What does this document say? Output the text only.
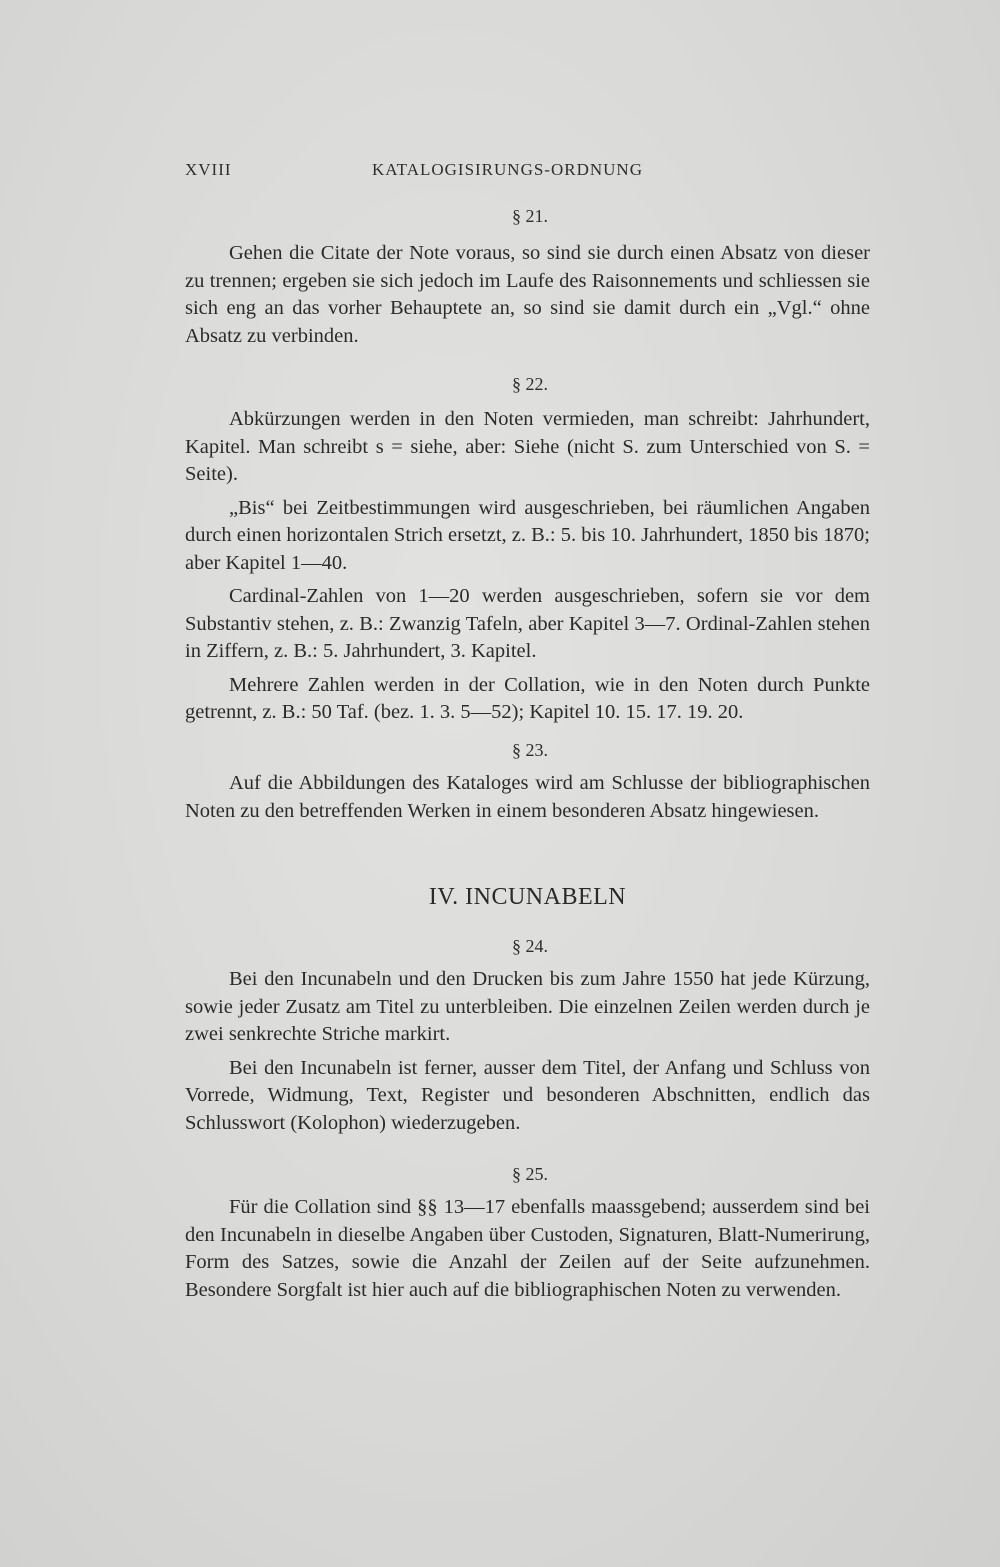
XVIII	KATALOGISIRUNGS-ORDNUNG
§ 21.

Gehen die Citate der Note voraus, so sind sie durch einen Absatz von dieser zu trennen; ergeben sie sich jedoch im Laufe des Raisonnements und schliessen sie sich eng an das vorher Behauptete an, so sind sie damit durch ein „Vgl.“ ohne Absatz zu verbinden.

§ 22.

Abkürzungen werden in den Noten vermieden, man schreibt: Jahrhundert, Kapitel. Man schreibt s = siehe, aber: Siehe (nicht S. zum Unterschied von S. = Seite).

„Bis“ bei Zeitbestimmungen wird ausgeschrieben, bei räumlichen Angaben durch einen horizontalen Strich ersetzt, z. B.: 5. bis 10. Jahrhundert, 1850 bis 1870; aber Kapitel 1—40.

Cardinal-Zahlen von 1—20 werden ausgeschrieben, sofern sie vor dem Substantiv stehen, z. B.: Zwanzig Tafeln, aber Kapitel 3—7. Ordinal-Zahlen stehen in Ziffern, z. B.: 5. Jahrhundert, 3. Kapitel.

Mehrere Zahlen werden in der Collation, wie in den Noten durch Punkte getrennt, z. B.: 50 Taf. (bez. 1. 3. 5—52); Kapitel 10. 15. 17. 19. 20.

§ 23.

Auf die Abbildungen des Kataloges wird am Schlusse der bibliographischen Noten zu den betreffenden Werken in einem besonderen Absatz hingewiesen.

IV. INCUNABELN
§ 24.

Bei den Incunabeln und den Drucken bis zum Jahre 1550 hat jede Kürzung, sowie jeder Zusatz am Titel zu unterbleiben. Die einzelnen Zeilen werden durch je zwei senkrechte Striche markirt.

Bei den Incunabeln ist ferner, ausser dem Titel, der Anfang und Schluss von Vorrede, Widmung, Text, Register und besonderen Abschnitten, endlich das Schlusswort (Kolophon) wiederzugeben.

§ 25.

Für die Collation sind §§ 13—17 ebenfalls maassgebend; ausserdem sind bei den Incunabeln in dieselbe Angaben über Custoden, Signaturen, Blatt-Numerirung, Form des Satzes, sowie die Anzahl der Zeilen auf der Seite aufzunehmen. Besondere Sorgfalt ist hier auch auf die bibliographischen Noten zu verwenden.
